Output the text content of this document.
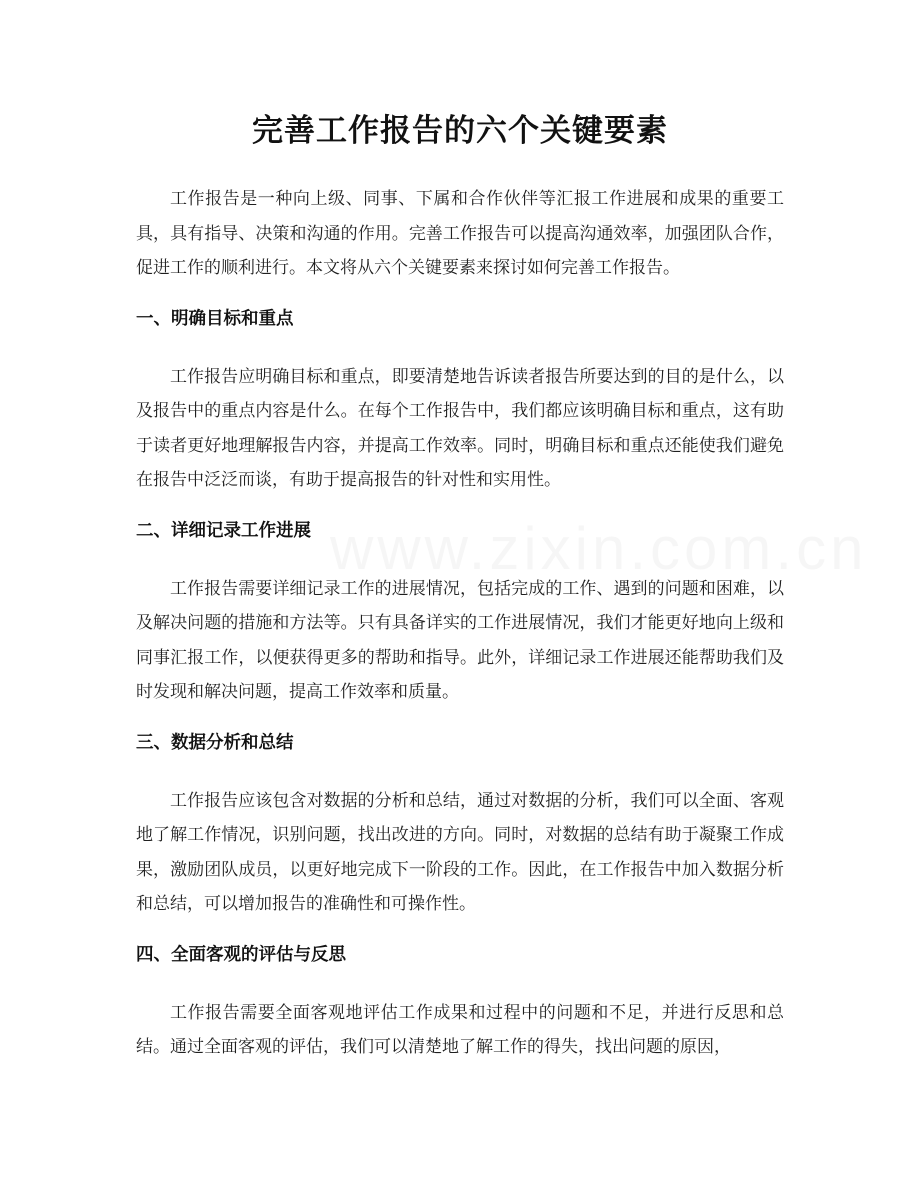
完善工作报告的六个关键要素

工作报告是一种向上级、同事、下属和合作伙伴等汇报工作进展和成果的重要工具，具有指导、决策和沟通的作用。完善工作报告可以提高沟通效率，加强团队合作，促进工作的顺利进行。本文将从六个关键要素来探讨如何完善工作报告。

一、明确目标和重点

工作报告应明确目标和重点，即要清楚地告诉读者报告所要达到的目的是什么，以及报告中的重点内容是什么。在每个工作报告中，我们都应该明确目标和重点，这有助于读者更好地理解报告内容，并提高工作效率。同时，明确目标和重点还能使我们避免在报告中泛泛而谈，有助于提高报告的针对性和实用性。

二、详细记录工作进展

工作报告需要详细记录工作的进展情况，包括完成的工作、遇到的问题和困难，以及解决问题的措施和方法等。只有具备详实的工作进展情况，我们才能更好地向上级和同事汇报工作，以便获得更多的帮助和指导。此外，详细记录工作进展还能帮助我们及时发现和解决问题，提高工作效率和质量。

三、数据分析和总结

工作报告应该包含对数据的分析和总结，通过对数据的分析，我们可以全面、客观地了解工作情况，识别问题，找出改进的方向。同时，对数据的总结有助于凝聚工作成果，激励团队成员，以更好地完成下一阶段的工作。因此，在工作报告中加入数据分析和总结，可以增加报告的准确性和可操作性。

四、全面客观的评估与反思

工作报告需要全面客观地评估工作成果和过程中的问题和不足，并进行反思和总结。通过全面客观的评估，我们可以清楚地了解工作的得失，找出问题的原因，
